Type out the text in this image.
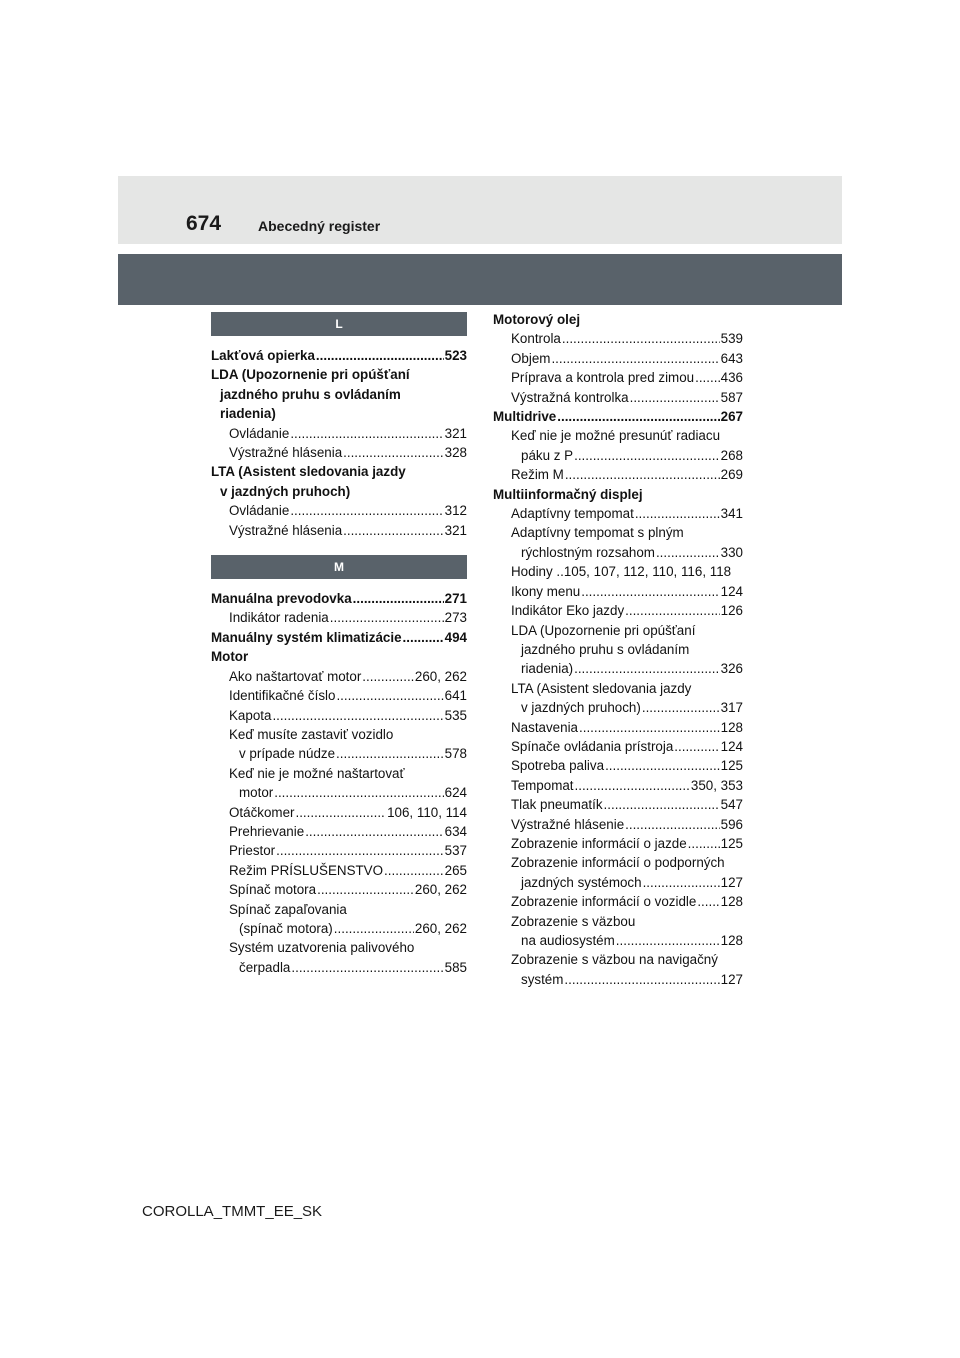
674	Abecedný register
L
Lakťová opierka .....	523
LDA (Upozornenie pri opúšťaní
jazdného pruhu s ovládaním
riadenia)
Ovládanie .....	321
Výstražné hlásenia .....	328
LTA (Asistent sledovania jazdy
v jazdných pruhoch)
Ovládanie .....	312
Výstražné hlásenia .....	321
M
Manuálna prevodovka .....	271
Indikátor radenia .....	273
Manuálny systém klimatizácie .....	494
Motor
Ako naštartovať motor .....	260, 262
Identifikačné číslo .....	641
Kapota .....	535
Keď musíte zastaviť vozidlo
v prípade núdze .....	578
Keď nie je možné naštartovať
motor .....	624
Otáčkomer .....	106, 110, 114
Prehrievanie .....	634
Priestor .....	537
Režim PRÍSLUŠENSTVO .....	265
Spínač motora .....	260, 262
Spínač zapaľovania
(spínač motora) .....	260, 262
Systém uzatvorenia palivového
čerpadla .....	585
Motorový olej
Kontrola .....	539
Objem .....	643
Príprava a kontrola pred zimou ..... 436
Výstražná kontrolka .....	587
Multidrive .....	267
Keď nie je možné presunúť radiacu
páku z P .....	268
Režim M .....	269
Multiinformačný displej
Adaptívny tempomat .....	341
Adaptívny tempomat s plným
rýchlostným rozsahom .....	330
Hodiny ..105, 107, 112, 110, 116, 118
Ikony menu .....	124
Indikátor Eko jazdy .....	126
LDA (Upozornenie pri opúšťaní
jazdného pruhu s ovládaním
riadenia) .....	326
LTA (Asistent sledovania jazdy
v jazdných pruhoch) .....	317
Nastavenia .....	128
Spínače ovládania prístroja .....	124
Spotreba paliva .....	125
Tempomat .....	350, 353
Tlak pneumatík .....	547
Výstražné hlásenie .....	596
Zobrazenie informácií o jazde .....	125
Zobrazenie informácií o podporných
jazdných systémoch .....	127
Zobrazenie informácií o vozidle ..... 128
Zobrazenie s väzbou
na audiosystém .....	128
Zobrazenie s väzbou na navigačný
systém .....	127
COROLLA_TMMT_EE_SK
